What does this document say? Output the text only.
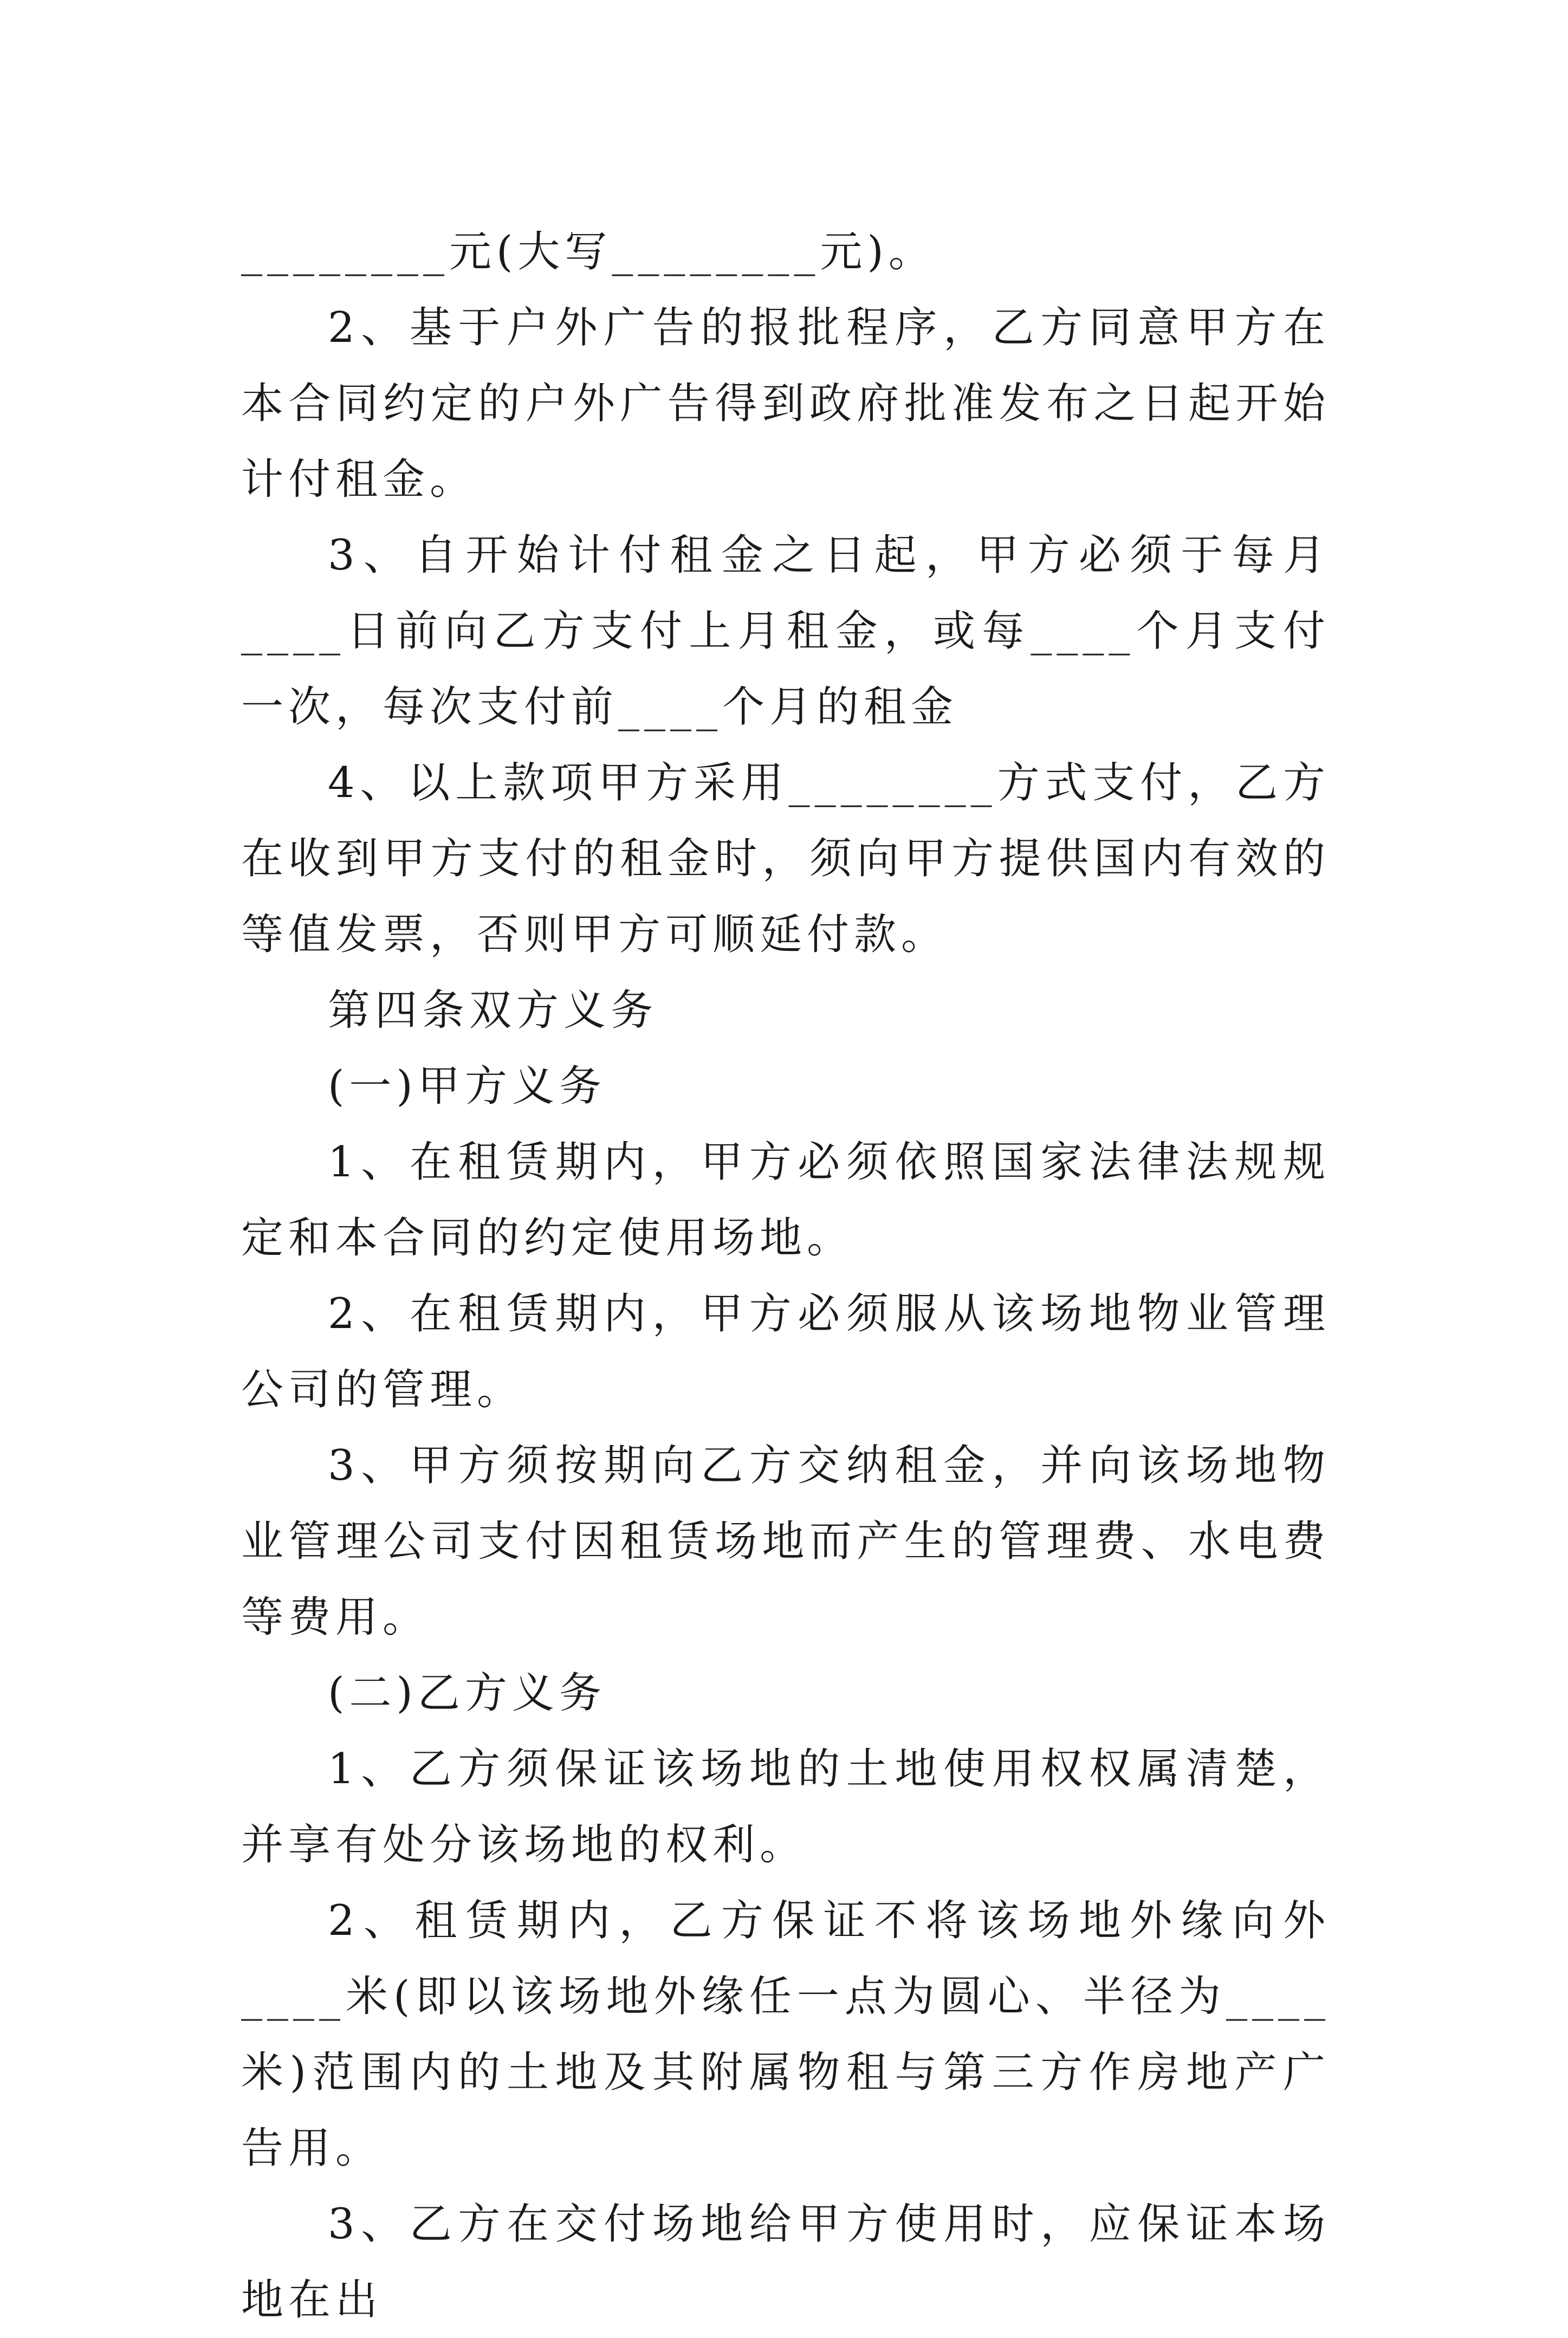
________元(大写________元)。

2、基于户外广告的报批程序，乙方同意甲方在本合同约定的户外广告得到政府批准发布之日起开始计付租金。

3、自开始计付租金之日起，甲方必须于每月____日前向乙方支付上月租金，或每____个月支付一次，每次支付前____个月的租金

4、以上款项甲方采用________方式支付，乙方在收到甲方支付的租金时，须向甲方提供国内有效的等值发票，否则甲方可顺延付款。

第四条双方义务

(一)甲方义务

1、在租赁期内，甲方必须依照国家法律法规规定和本合同的约定使用场地。

2、在租赁期内，甲方必须服从该场地物业管理公司的管理。

3、甲方须按期向乙方交纳租金，并向该场地物业管理公司支付因租赁场地而产生的管理费、水电费等费用。

(二)乙方义务

1、乙方须保证该场地的土地使用权权属清楚，并享有处分该场地的权利。

2、租赁期内，乙方保证不将该场地外缘向外____米(即以该场地外缘任一点为圆心、半径为____米)范围内的土地及其附属物租与第三方作房地产广告用。

3、乙方在交付场地给甲方使用时，应保证本场地在出
